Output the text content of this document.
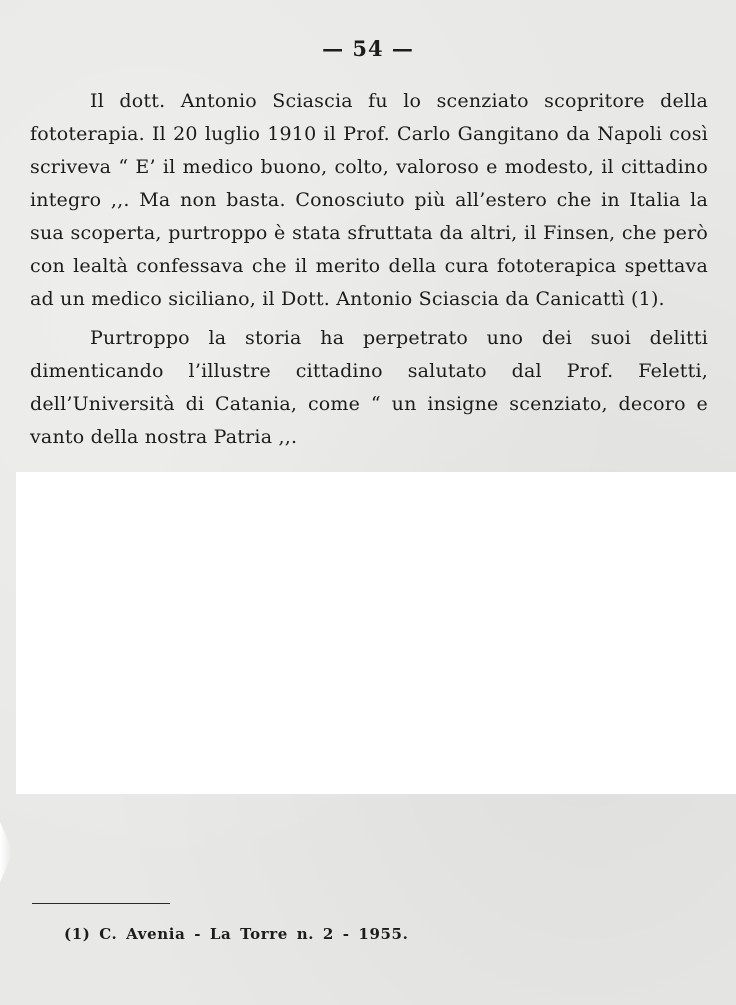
— 54 —

Il dott. Antonio Sciascia fu lo scenziato scopritore della fototerapia. Il 20 luglio 1910 il Prof. Carlo Gangitano da Napoli così scriveva “ E’ il medico buono, colto, valoroso e modesto, il cittadino integro ,,. Ma non basta. Conosciuto più all’estero che in Italia la sua scoperta, purtroppo è stata sfruttata da altri, il Finsen, che però con lealtà confessava che il merito della cura fototerapica spettava ad un medico siciliano, il Dott. Antonio Sciascia da Canicattì (1).

Purtroppo la storia ha perpetrato uno dei suoi delitti dimenticando l’illustre cittadino salutato dal Prof. Feletti, dell’Università di Catania, come “ un insigne scenziato, decoro e vanto della nostra Patria ,,.

(1) C. Avenia - La Torre n. 2 - 1955.
